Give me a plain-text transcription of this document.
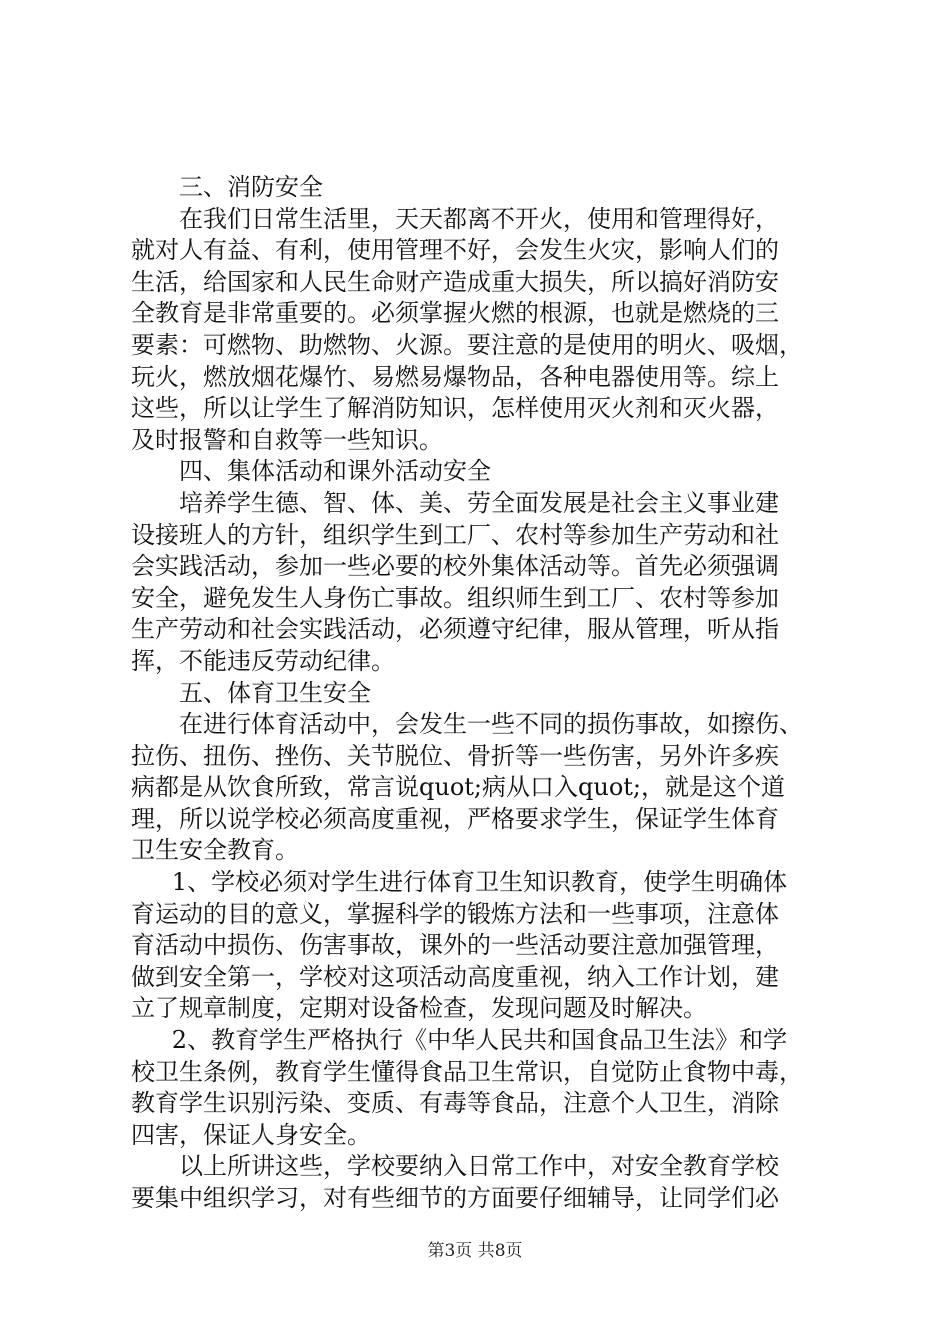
三、消防安全
在我们日常生活里，天天都离不开火，使用和管理得好，
就对人有益、有利，使用管理不好，会发生火灾，影响人们的
生活，给国家和人民生命财产造成重大损失，所以搞好消防安
全教育是非常重要的。必须掌握火燃的根源，也就是燃烧的三
要素：可燃物、助燃物、火源。要注意的是使用的明火、吸烟，
玩火，燃放烟花爆竹、易燃易爆物品，各种电器使用等。综上
这些，所以让学生了解消防知识，怎样使用灭火剂和灭火器，
及时报警和自救等一些知识。
四、集体活动和课外活动安全
培养学生德、智、体、美、劳全面发展是社会主义事业建
设接班人的方针，组织学生到工厂、农村等参加生产劳动和社
会实践活动，参加一些必要的校外集体活动等。首先必须强调
安全，避免发生人身伤亡事故。组织师生到工厂、农村等参加
生产劳动和社会实践活动，必须遵守纪律，服从管理，听从指
挥，不能违反劳动纪律。
五、体育卫生安全
在进行体育活动中，会发生一些不同的损伤事故，如擦伤、
拉伤、扭伤、挫伤、关节脱位、骨折等一些伤害，另外许多疾
病都是从饮食所致，常言说quot;病从口入quot;，就是这个道
理，所以说学校必须高度重视，严格要求学生，保证学生体育
卫生安全教育。
1、学校必须对学生进行体育卫生知识教育，使学生明确体
育运动的目的意义，掌握科学的锻炼方法和一些事项，注意体
育活动中损伤、伤害事故，课外的一些活动要注意加强管理，
做到安全第一，学校对这项活动高度重视，纳入工作计划，建
立了规章制度，定期对设备检查，发现问题及时解决。
2、教育学生严格执行《中华人民共和国食品卫生法》和学
校卫生条例，教育学生懂得食品卫生常识，自觉防止食物中毒，
教育学生识别污染、变质、有毒等食品，注意个人卫生，消除
四害，保证人身安全。
以上所讲这些，学校要纳入日常工作中，对安全教育学校
要集中组织学习，对有些细节的方面要仔细辅导，让同学们必
第3页 共8页
